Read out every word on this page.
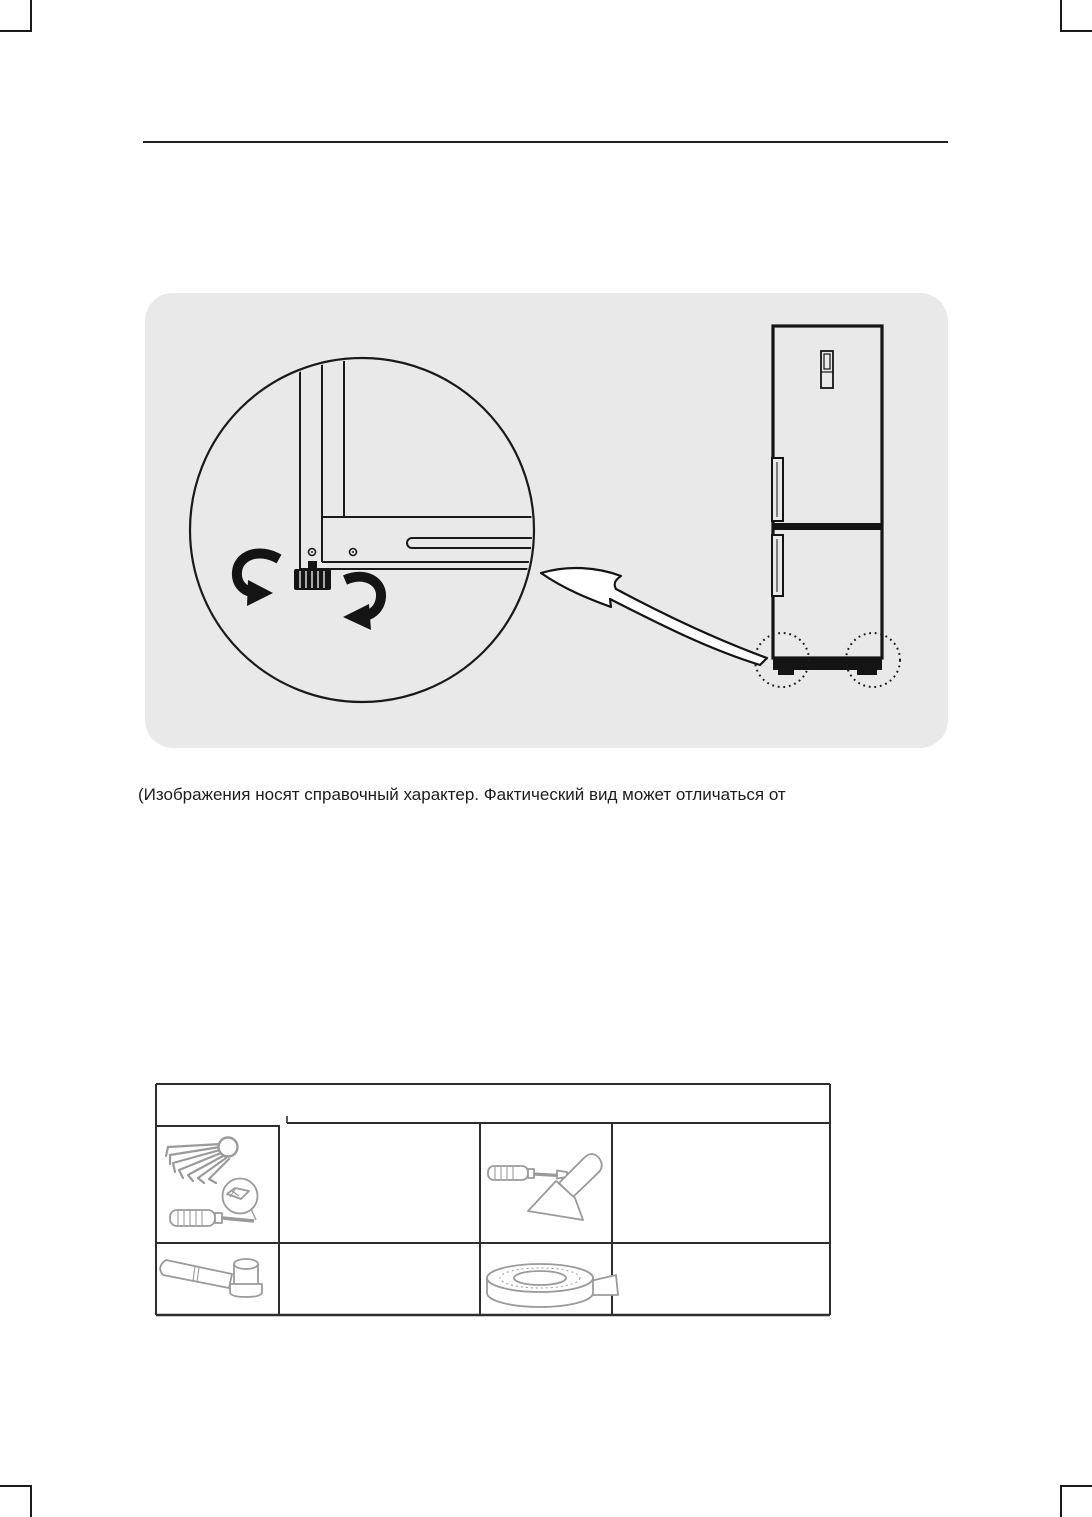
(Изображения носят справочный характер. Фактический вид может отличаться от
